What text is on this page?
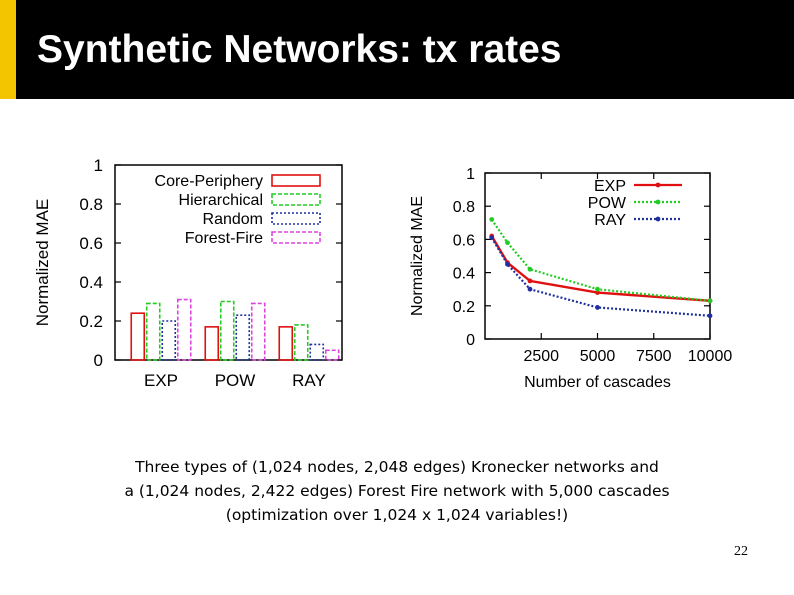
Synthetic Networks: tx rates
0
0.2
0.4
0.6
0.8
1
Normalized MAE
EXP POW RAY
Core-Periphery
Hierarchical
Random
Forest-Fire
0
0.2
0.4
0.6
0.8
1
2500 5000 7500 10000
Normalized MAE
Number of cascades
EXP
POW
RAY
Three types of (1,024 nodes, 2,048 edges) Kronecker networks and
a (1,024 nodes, 2,422 edges) Forest Fire network with 5,000 cascades
(optimization over 1,024 x 1,024 variables!)
22
